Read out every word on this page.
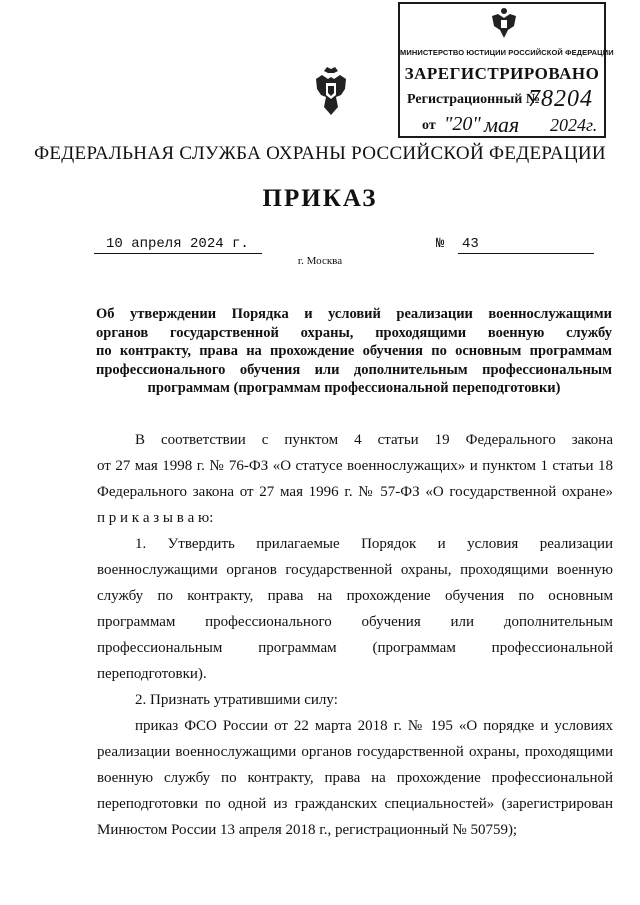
МИНИСТЕРСТВО ЮСТИЦИИ РОССИЙСКОЙ ФЕДЕРАЦИИ
ЗАРЕГИСТРИРОВАНО
Регистрационный №
78204
от "20" мая 2024г.
ФЕДЕРАЛЬНАЯ СЛУЖБА ОХРАНЫ РОССИЙСКОЙ ФЕДЕРАЦИИ
ПРИКАЗ
10 апреля 2024 г.	№ 43
г. Москва
Об утверждении Порядка и условий реализации военнослужащими
органов государственной охраны, проходящими военную службу
по контракту, права на прохождение обучения по основным программам
профессионального обучения или дополнительным профессиональным
программам (программам профессиональной переподготовки)
В соответствии с пунктом 4 статьи 19 Федерального закона
от 27 мая 1998 г. № 76-ФЗ «О статусе военнослужащих» и пунктом 1 статьи 18
Федерального закона от 27 мая 1996 г. № 57-ФЗ «О государственной охране»
п р и к а з ы в а ю:
1. Утвердить прилагаемые Порядок и условия реализации
военнослужащими органов государственной охраны, проходящими военную
службу по контракту, права на прохождение обучения по основным
программам профессионального обучения или дополнительным
профессиональным программам (программам профессиональной
переподготовки).
2. Признать утратившими силу:
приказ ФСО России от 22 марта 2018 г. № 195 «О порядке и условиях
реализации военнослужащими органов государственной охраны, проходящими
военную службу по контракту, права на прохождение профессиональной
переподготовки по одной из гражданских специальностей» (зарегистрирован
Минюстом России 13 апреля 2018 г., регистрационный № 50759);
